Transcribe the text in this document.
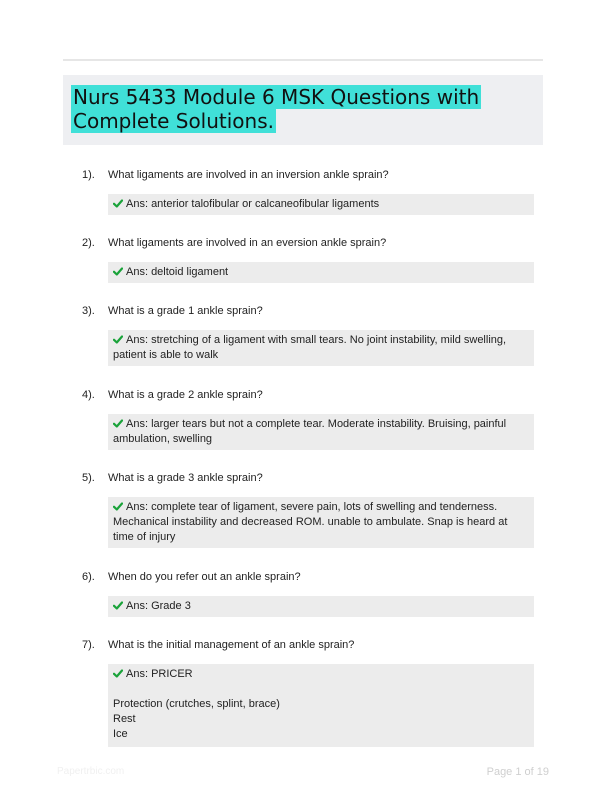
Nurs 5433 Module 6 MSK Questions with Complete Solutions.
1). What ligaments are involved in an inversion ankle sprain?
Ans: anterior talofibular or calcaneofibular ligaments
2). What ligaments are involved in an eversion ankle sprain?
Ans: deltoid ligament
3). What is a grade 1 ankle sprain?
Ans: stretching of a ligament with small tears. No joint instability, mild swelling, patient is able to walk
4). What is a grade 2 ankle sprain?
Ans: larger tears but not a complete tear. Moderate instability. Bruising, painful ambulation, swelling
5). What is a grade 3 ankle sprain?
Ans: complete tear of ligament, severe pain, lots of swelling and tenderness. Mechanical instability and decreased ROM. unable to ambulate. Snap is heard at time of injury
6). When do you refer out an ankle sprain?
Ans: Grade 3
7). What is the initial management of an ankle sprain?
Ans: PRICER
Protection (crutches, splint, brace)
Rest
Ice
Papertrbic.com	Page 1 of 19
